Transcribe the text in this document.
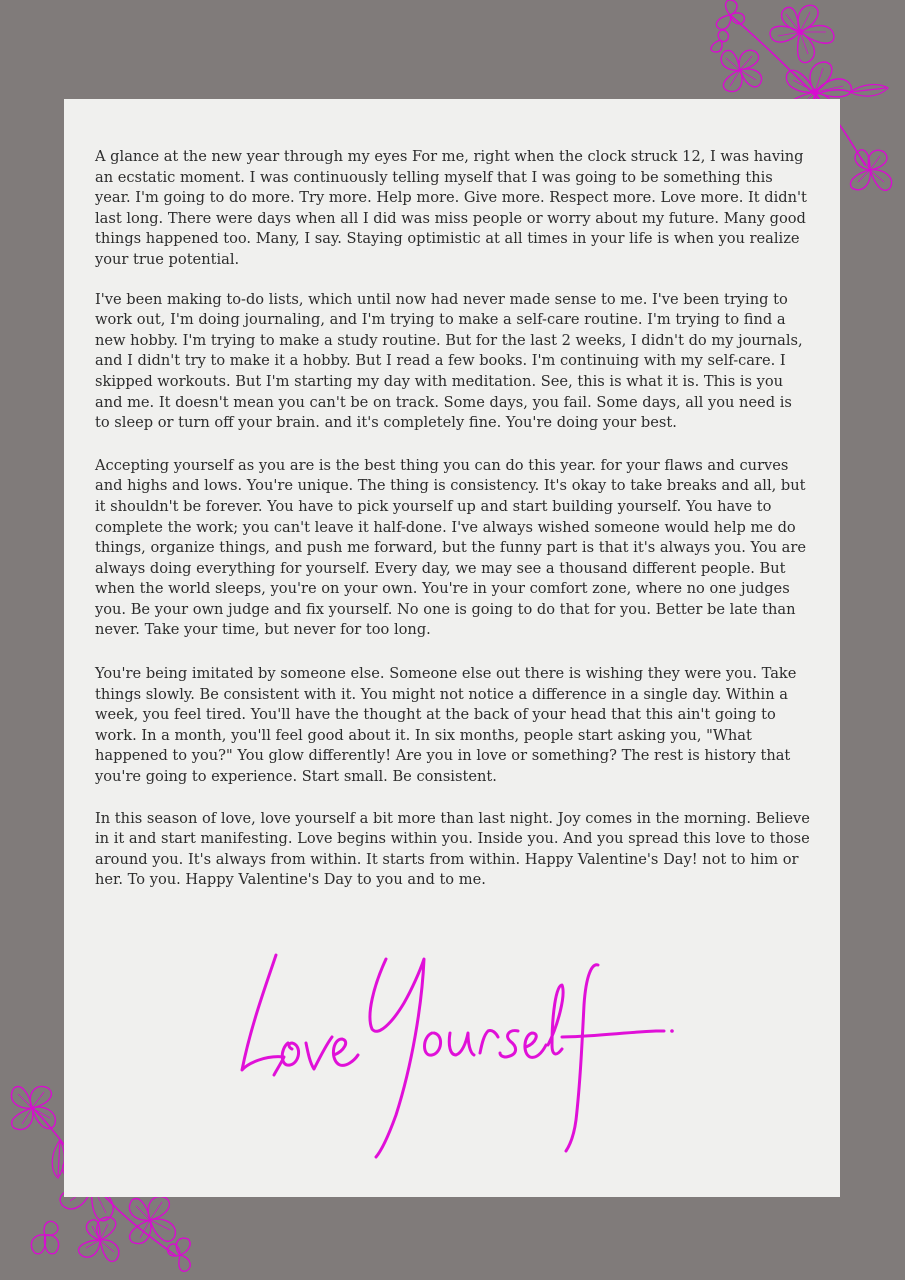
A glance at the new year through my eyes For me, right when the clock struck 12, I was having an ecstatic moment. I was continuously telling myself that I was going to be something this year. I'm going to do more. Try more. Help more. Give more. Respect more. Love more. It didn't last long. There were days when all I did was miss people or worry about my future. Many good things happened too. Many, I say. Staying optimistic at all times in your life is when you realize your true potential.

I've been making to-do lists, which until now had never made sense to me. I've been trying to work out, I'm doing journaling, and I'm trying to make a self-care routine. I'm trying to find a new hobby. I'm trying to make a study routine. But for the last 2 weeks, I didn't do my journals, and I didn't try to make it a hobby. But I read a few books. I'm continuing with my self-care. I skipped workouts. But I'm starting my day with meditation. See, this is what it is. This is you and me. It doesn't mean you can't be on track. Some days, you fail. Some days, all you need is to sleep or turn off your brain. and it's completely fine. You're doing your best.

Accepting yourself as you are is the best thing you can do this year. for your flaws and curves and highs and lows. You're unique. The thing is consistency. It's okay to take breaks and all, but it shouldn't be forever. You have to pick yourself up and start building yourself. You have to complete the work; you can't leave it half-done. I've always wished someone would help me do things, organize things, and push me forward, but the funny part is that it's always you. You are always doing everything for yourself. Every day, we may see a thousand different people. But when the world sleeps, you're on your own. You're in your comfort zone, where no one judges you. Be your own judge and fix yourself. No one is going to do that for you. Better be late than never. Take your time, but never for too long.

You're being imitated by someone else. Someone else out there is wishing they were you. Take things slowly. Be consistent with it. You might not notice a difference in a single day. Within a week, you feel tired. You'll have the thought at the back of your head that this ain't going to work. In a month, you'll feel good about it. In six months, people start asking you, "What happened to you?" You glow differently! Are you in love or something? The rest is history that you're going to experience. Start small. Be consistent.

In this season of love, love yourself a bit more than last night. Joy comes in the morning. Believe in it and start manifesting. Love begins within you. Inside you. And you spread this love to those around you. It's always from within. It starts from within. Happy Valentine's Day! not to him or her. To you. Happy Valentine's Day to you and to me.
